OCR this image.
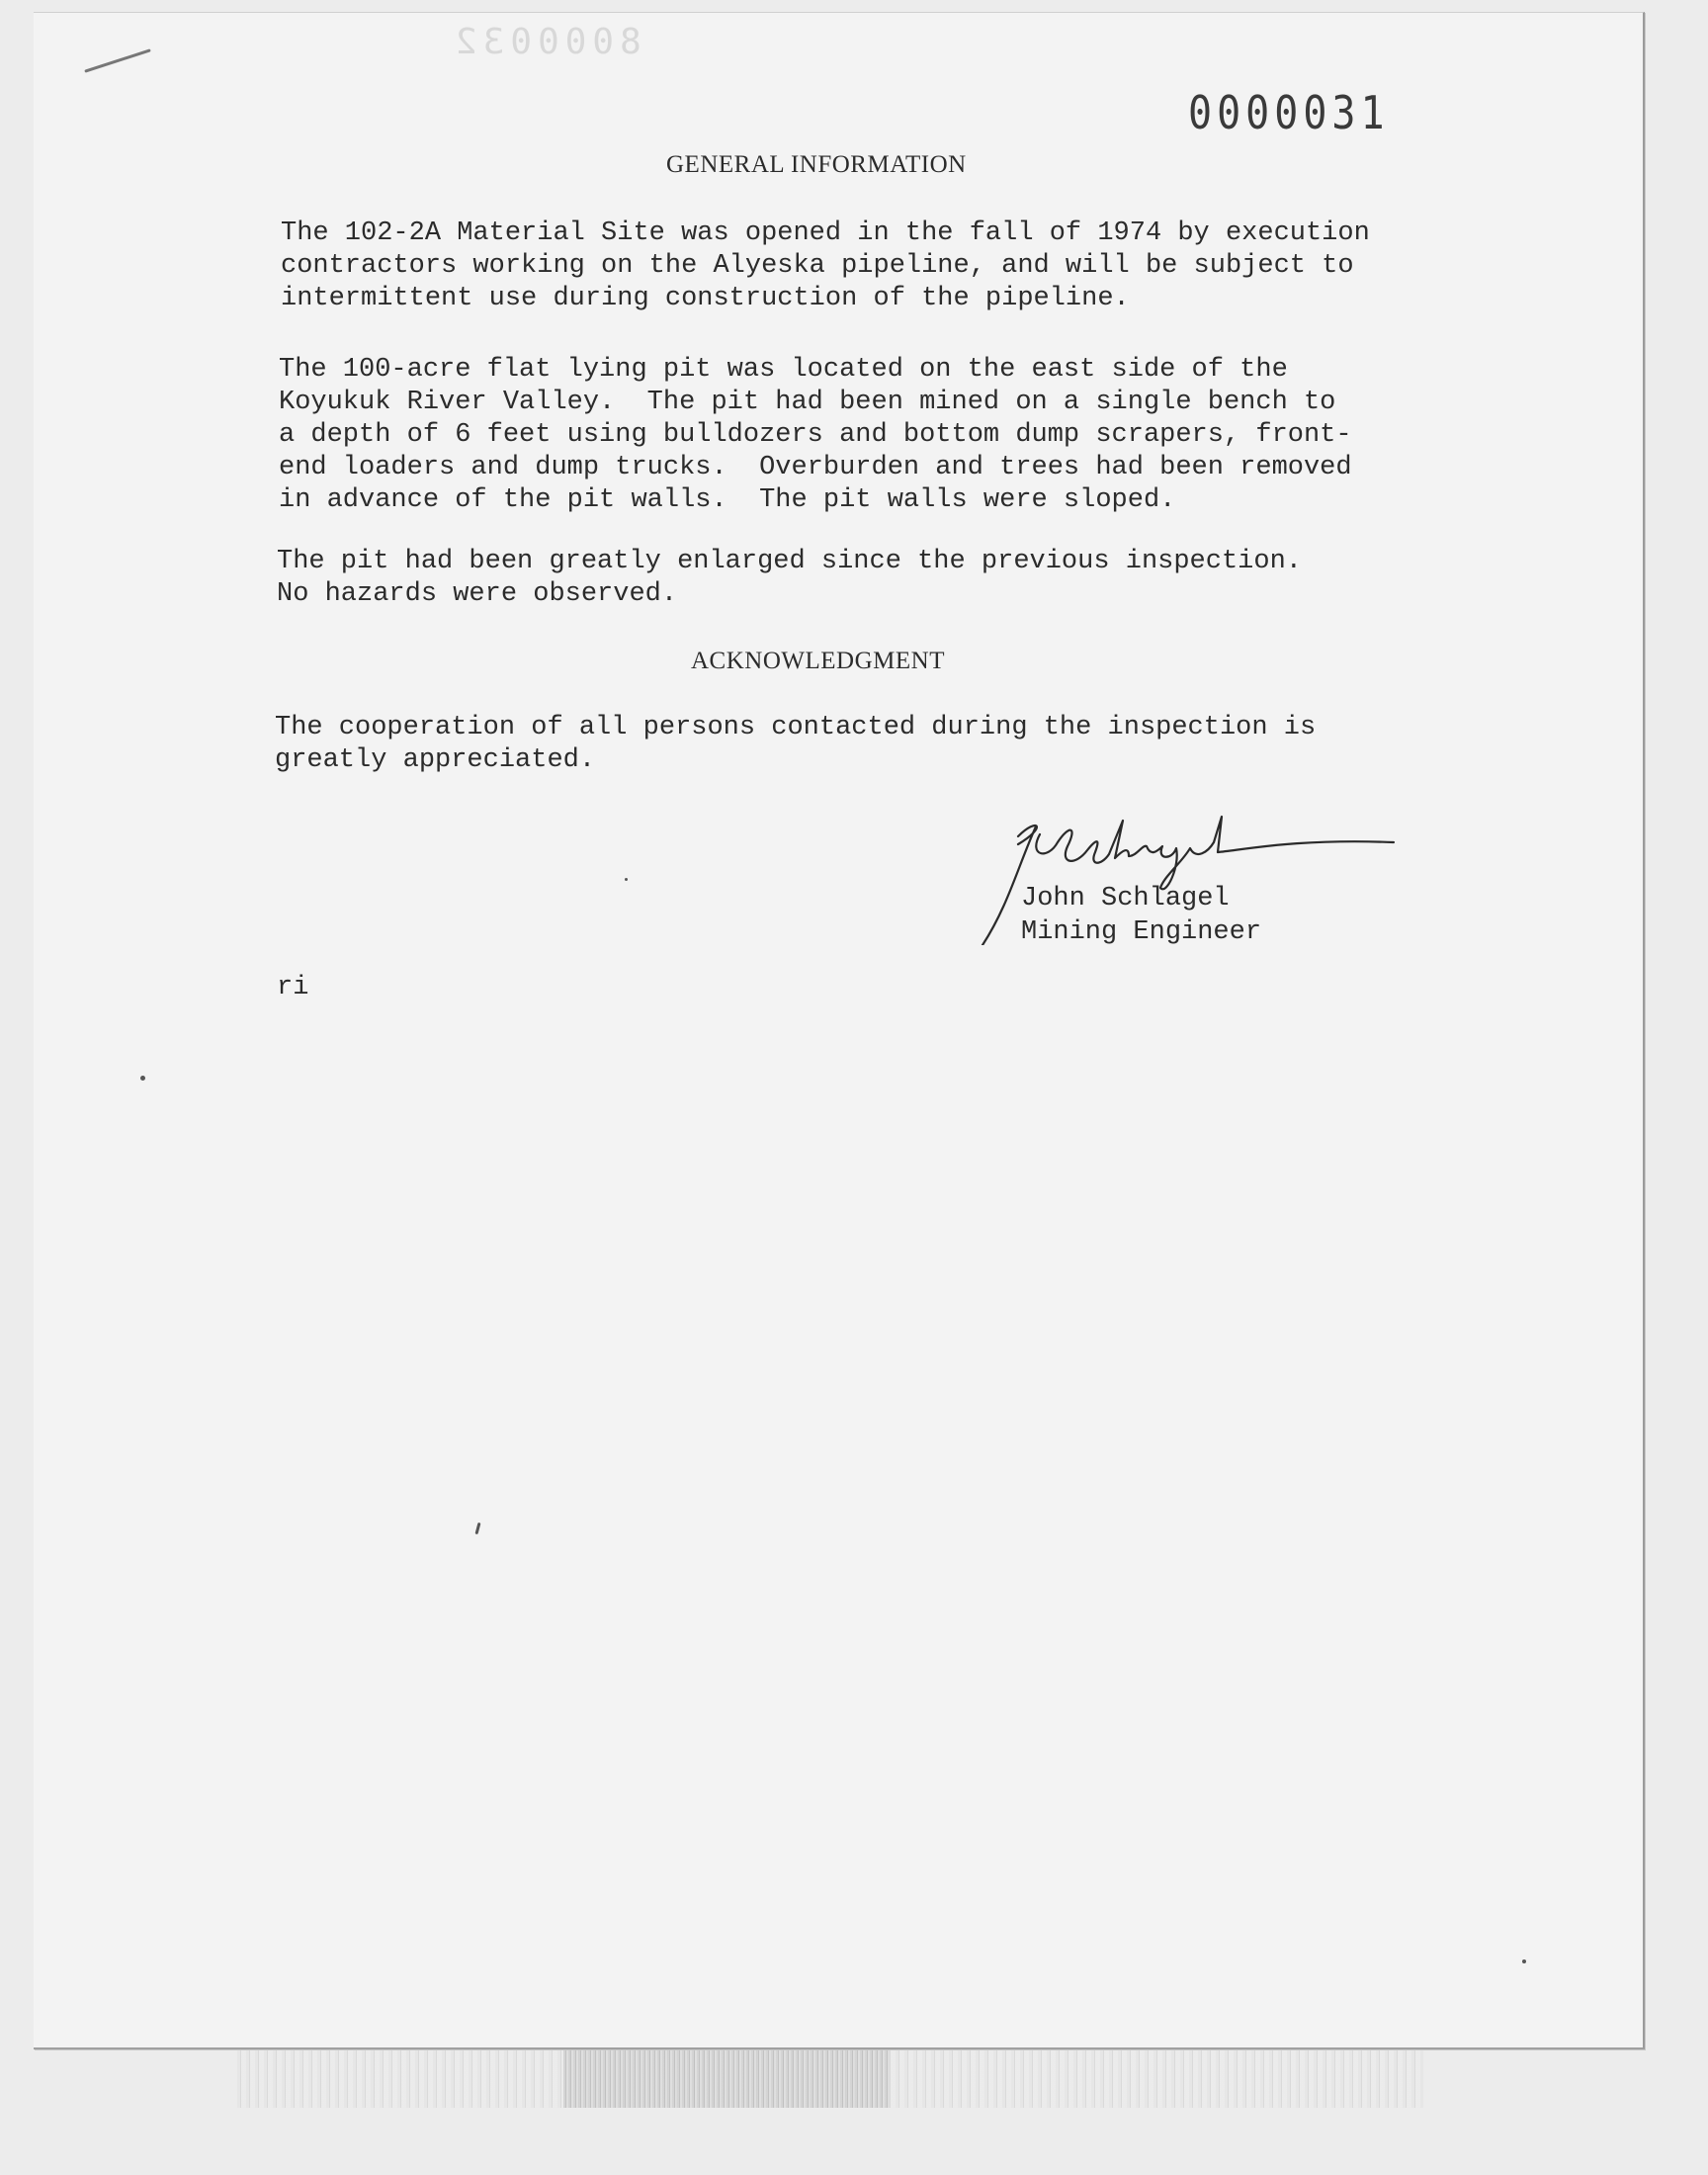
8000032
0000031
GENERAL INFORMATION

The 102-2A Material Site was opened in the fall of 1974 by execution

contractors working on the Alyeska pipeline, and will be subject to

intermittent use during construction of the pipeline.

The 100-acre flat lying pit was located on the east side of the

Koyukuk River Valley.  The pit had been mined on a single bench to

a depth of 6 feet using bulldozers and bottom dump scrapers, front-

end loaders and dump trucks.  Overburden and trees had been removed

in advance of the pit walls.  The pit walls were sloped.

The pit had been greatly enlarged since the previous inspection.

No hazards were observed.

ACKNOWLEDGMENT

The cooperation of all persons contacted during the inspection is

greatly appreciated.

John Schlagel
Mining Engineer
ri
